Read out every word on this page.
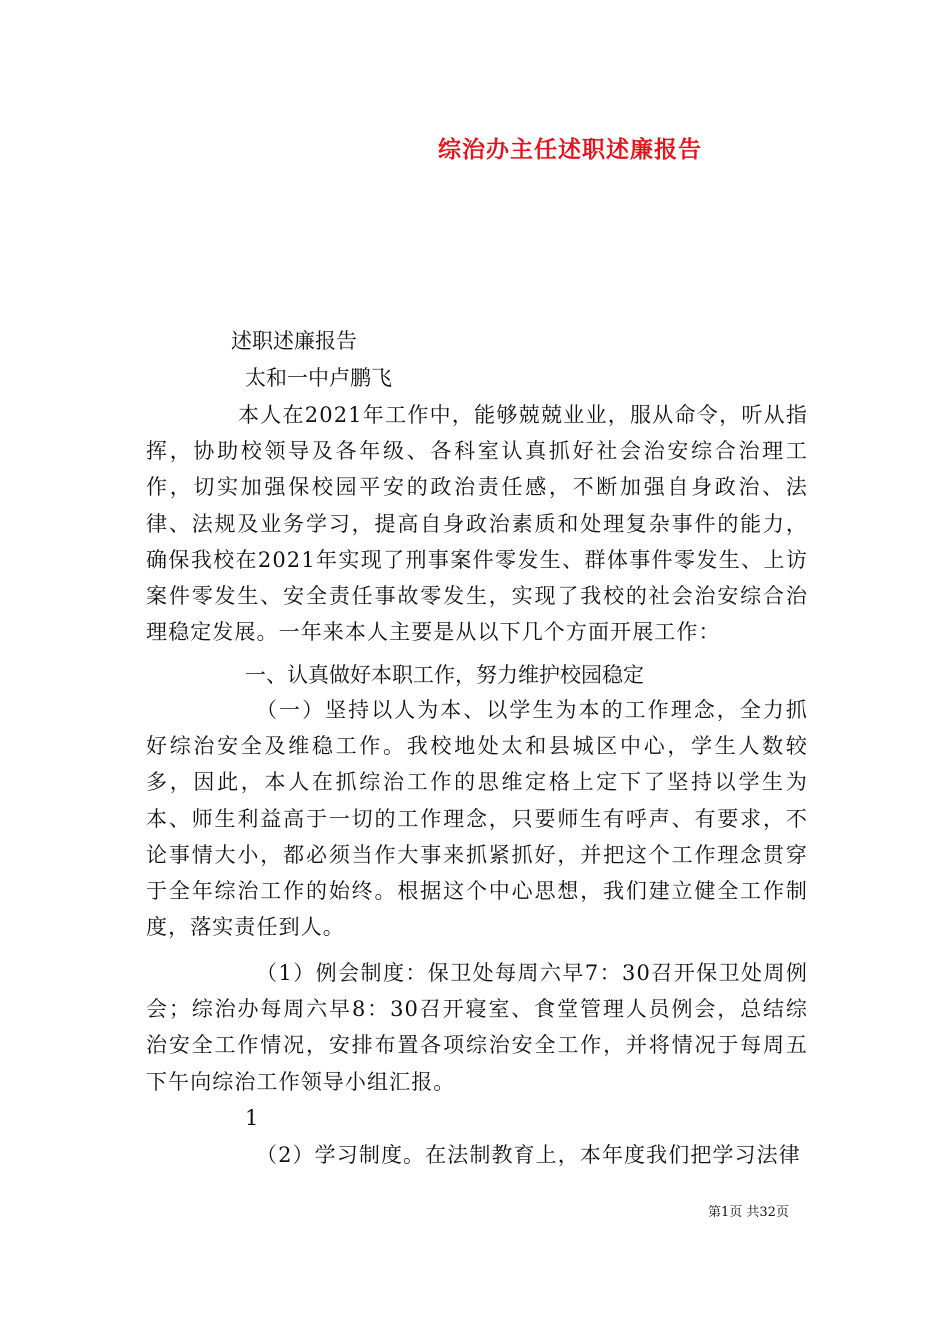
综治办主任述职述廉报告
述职述廉报告
太和一中卢鹏飞

本人在2021年工作中，能够兢兢业业，服从命令，听从指挥，协助校领导及各年级、各科室认真抓好社会治安综合治理工作，切实加强保校园平安的政治责任感，不断加强自身政治、法律、法规及业务学习，提高自身政治素质和处理复杂事件的能力，确保我校在2021年实现了刑事案件零发生、群体事件零发生、上访案件零发生、安全责任事故零发生，实现了我校的社会治安综合治理稳定发展。一年来本人主要是从以下几个方面开展工作：

一、认真做好本职工作，努力维护校园稳定

（一）坚持以人为本、以学生为本的工作理念，全力抓好综治安全及维稳工作。我校地处太和县城区中心，学生人数较多，因此，本人在抓综治工作的思维定格上定下了坚持以学生为本、师生利益高于一切的工作理念，只要师生有呼声、有要求，不论事情大小，都必须当作大事来抓紧抓好，并把这个工作理念贯穿于全年综治工作的始终。根据这个中心思想，我们建立健全工作制度，落实责任到人。

（1）例会制度：保卫处每周六早7：30召开保卫处周例会；综治办每周六早8：30召开寝室、食堂管理人员例会，总结综治安全工作情况，安排布置各项综治安全工作，并将情况于每周五下午向综治工作领导小组汇报。

1

（2）学习制度。在法制教育上，本年度我们把学习法律

第1页 共32页
